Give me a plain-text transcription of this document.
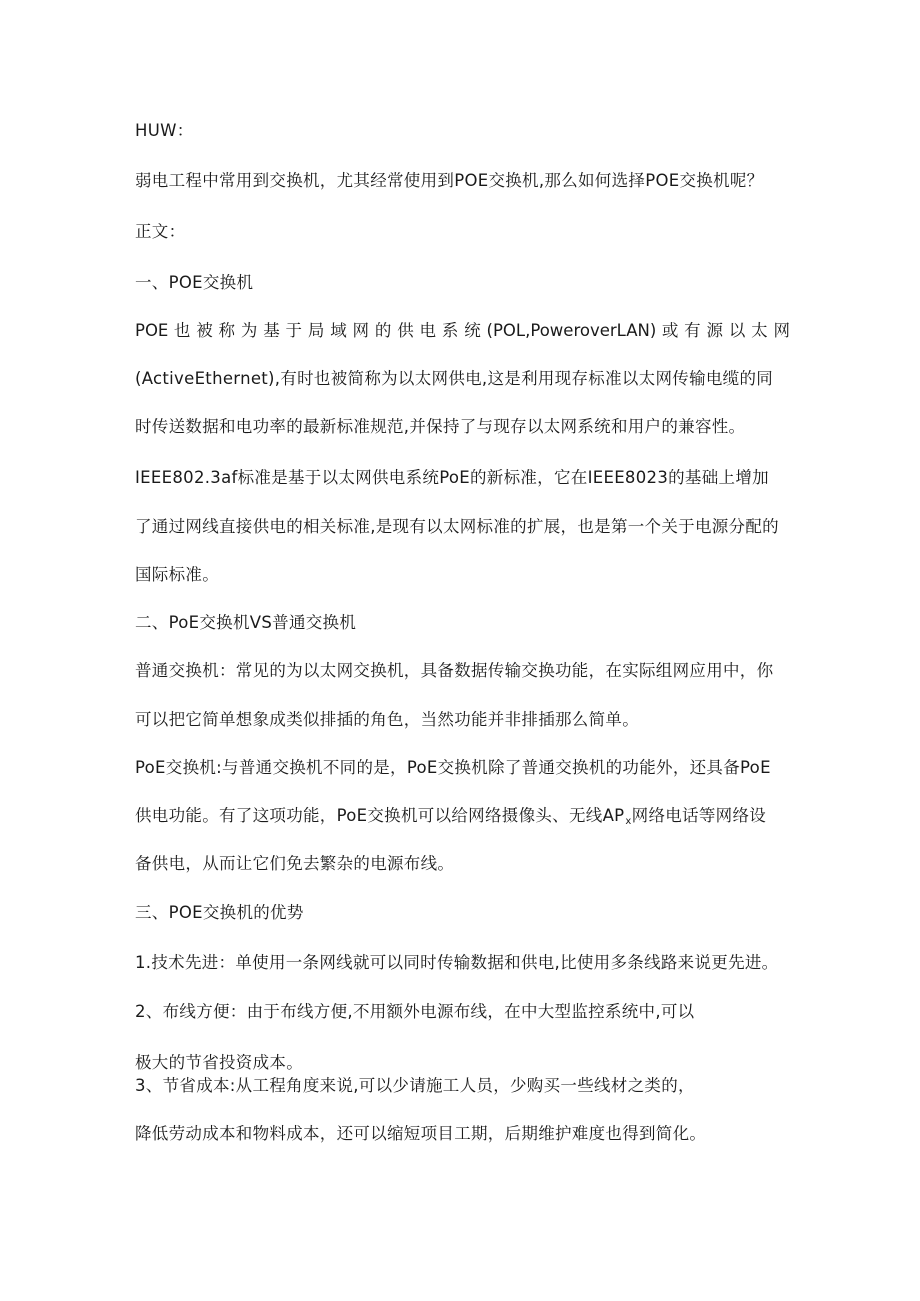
ΗUW：

弱电工程中常用到交换机，尤其经常使用到POE交换机,那么如何选择POE交换机呢？

正文：

一、POE交换机

POE 也 被 称 为 基 于 局 域 网 的 供 电 系 统 (POL,PoweroverLAN) 或 有 源 以 太 网

(ActiveEthernet),有时也被简称为以太网供电,这是利用现存标准以太网传输电缆的同

时传送数据和电功率的最新标准规范,并保持了与现存以太网系统和用户的兼容性。

IEEE802.3af标准是基于以太网供电系统PoE的新标准，它在IEEE8023的基础上增加

了通过网线直接供电的相关标准,是现有以太网标准的扩展，也是第一个关于电源分配的

国际标准。

二、PoE交换机VS普通交换机

普通交换机：常见的为以太网交换机，具备数据传输交换功能，在实际组网应用中，你

可以把它简单想象成类似排插的角色，当然功能并非排插那么简单。

PoE交换机:与普通交换机不同的是，PoE交换机除了普通交换机的功能外，还具备PoE

供电功能。有了这项功能，PoE交换机可以给网络摄像头、无线$AP_x$网络电话等网络设

备供电，从而让它们免去繁杂的电源布线。

三、POE交换机的优势

1.技术先进：单使用一条网线就可以同时传输数据和供电,比使用多条线路来说更先进。

2、布线方便：由于布线方便,不用额外电源布线，在中大型监控系统中,可以

极大的节省投资成本。

3、节省成本:从工程角度来说,可以少请施工人员，少购买一些线材之类的，

降低劳动成本和物料成本，还可以缩短项目工期，后期维护难度也得到简化。
